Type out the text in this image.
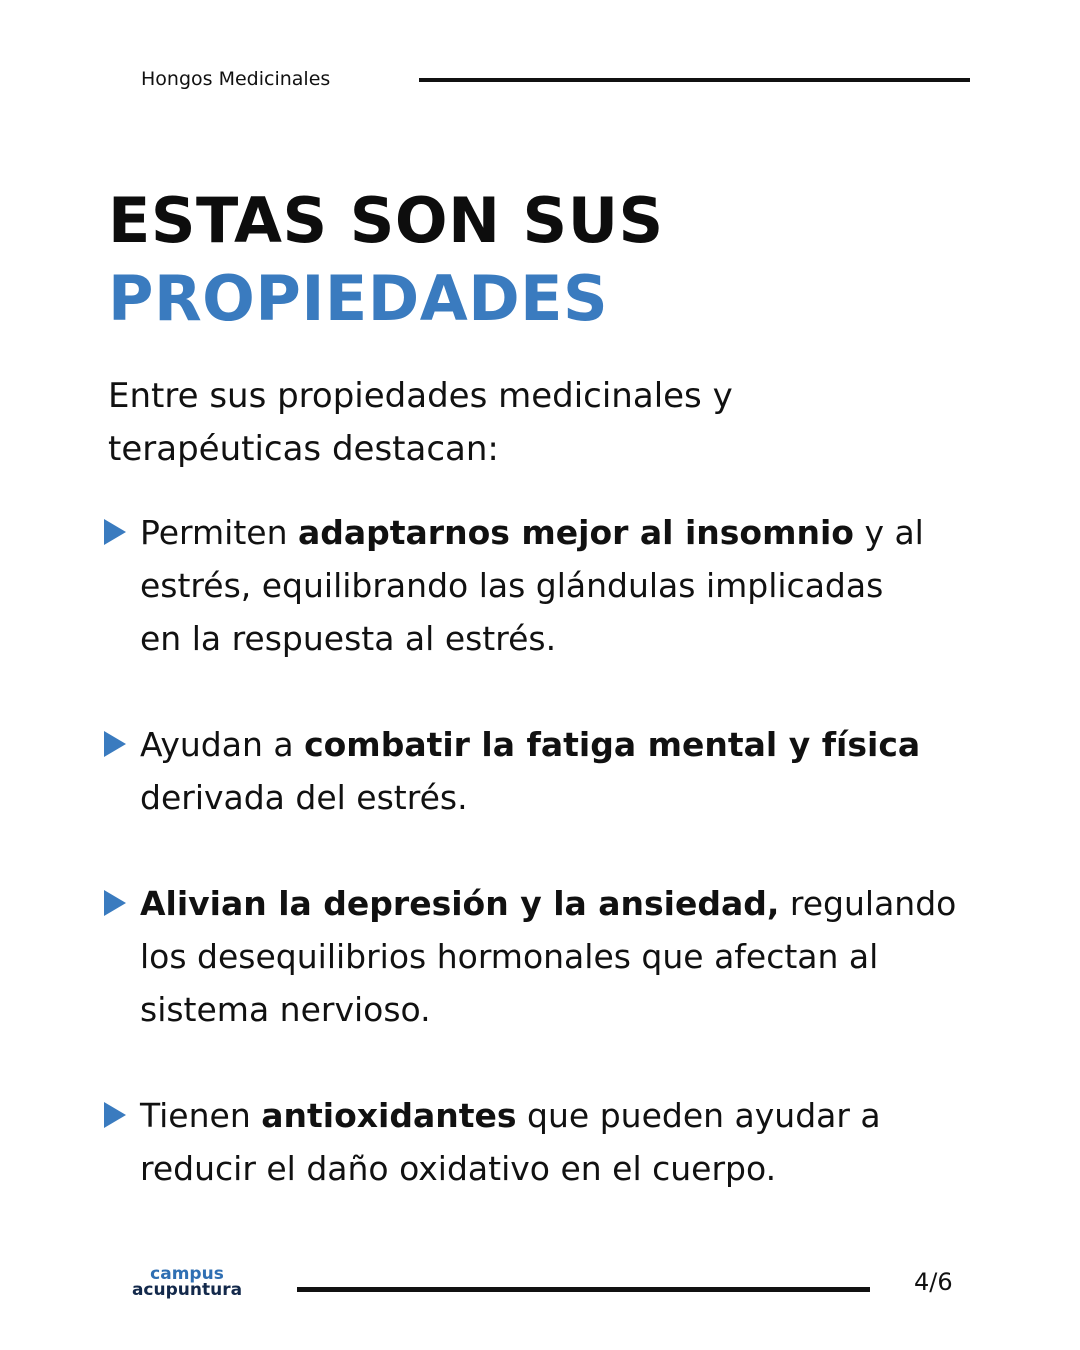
Hongos Medicinales
ESTAS SON SUS
PROPIEDADES

Entre sus propiedades medicinales y
terapéuticas destacan:

Permiten adaptarnos mejor al insomnio y al
estrés, equilibrando las glándulas implicadas
en la respuesta al estrés.
Ayudan a combatir la fatiga mental y física
derivada del estrés.
Alivian la depresión y la ansiedad, regulando
los desequilibrios hormonales que afectan al
sistema nervioso.
Tienen antioxidantes que pueden ayudar a
reducir el daño oxidativo en el cuerpo.
campus
acupuntura	4/6
